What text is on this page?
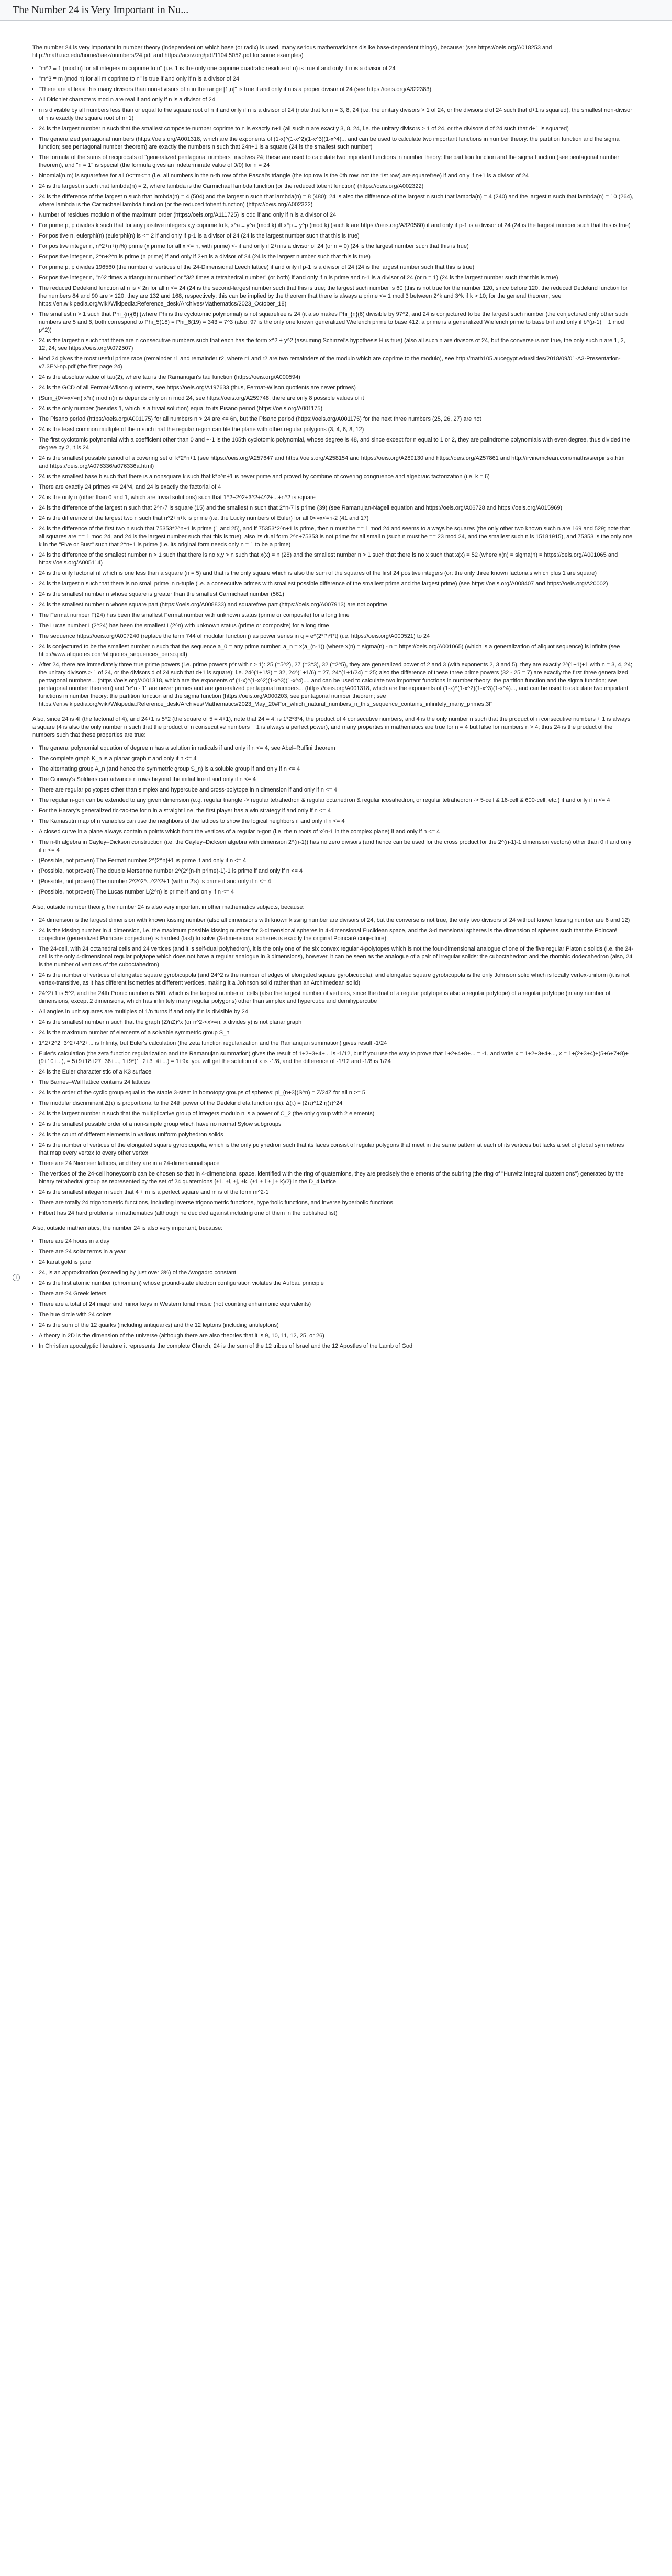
The Number 24 is Very Important in Nu...
i

The number 24 is very important in number theory (independent on which base (or radix) is used, many serious mathematicians dislike base-dependent things), because: (see https://oeis.org/A018253 and http://math.ucr.edu/home/baez/numbers/24.pdf and https://arxiv.org/pdf/1104.5052.pdf for some examples)

• "m^2 ≡ 1 (mod n) for all integers m coprime to n" (i.e. 1 is the only one coprime quadratic residue of n) is true if and only if n is a divisor of 24
• "m^3 ≡ m (mod n) for all m coprime to n" is true if and only if n is a divisor of 24
• "There are at least this many divisors than non-divisors of n in the range [1,n]" is true if and only if n is a proper divisor of 24 (see https://oeis.org/A322383)
• All Dirichlet characters mod n are real if and only if n is a divisor of 24
• n is divisible by all numbers less than or equal to the square root of n if and only if n is a divisor of 24 (note that for n = 3, 8, 24 (i.e. the unitary divisors > 1 of 24, or the divisors d of 24 such that d+1 is squared), the smallest non-divisor of n is exactly the square root of n+1)
• 24 is the largest number n such that the smallest composite number coprime to n is exactly n+1 (all such n are exactly 3, 8, 24, i.e. the unitary divisors > 1 of 24, or the divisors d of 24 such that d+1 is squared)
• The generalized pentagonal numbers (https://oeis.org/A001318, which are the exponents of (1-x)^(1-x^2)(1-x^3)(1-x^4)... and can be used to calculate two important functions in number theory: the partition function and the sigma function; see pentagonal number theorem) are exactly the numbers n such that 24n+1 is a square (24 is the smallest such number)
• The formula of the sums of reciprocals of "generalized pentagonal numbers" involves 24; these are used to calculate two important functions in number theory: the partition function and the sigma function (see pentagonal number theorem), and "n = 1" is special (the formula gives an indeterminate value of 0/0) for n = 24
• binomial(n,m) is squarefree for all 0<=m<=n (i.e. all numbers in the n-th row of the Pascal's triangle (the top row is the 0th row, not the 1st row) are squarefree) if and only if n+1 is a divisor of 24
• 24 is the largest n such that lambda(n) = 2, where lambda is the Carmichael lambda function (or the reduced totient function) (https://oeis.org/A002322)
• 24 is the difference of the largest n such that lambda(n) = 4 (504) and the largest n such that lambda(n) = 8 (480); 24 is also the difference of the largest n such that lambda(n) = 4 (240) and the largest n such that lambda(n) = 10 (264), where lambda is the Carmichael lambda function (or the reduced totient function) (https://oeis.org/A002322)
• Number of residues modulo n of the maximum order (https://oeis.org/A111725) is odd if and only if n is a divisor of 24
• For prime p, p divides k such that for any positive integers x,y coprime to k, x^a ≡ y^a (mod k) iff x^p ≡ y^p (mod k) (such k are https://oeis.org/A320580) if and only if p-1 is a divisor of 24 (24 is the largest number such that this is true)
• For positive n, eulerphi(n) (eulerphi(n) is <= 2 if and only if p-1 is a divisor of 24 (24 is the largest number such that this is true)
• For positive integer n, n^2+n+(n%) prime (x prime for all x <= n, with prime) <- if and only if 2+n is a divisor of 24 (or n = 0) (24 is the largest number such that this is true)
• For positive integer n, 2^n+2^n is prime (n prime) if and only if 2+n is a divisor of 24 (24 is the largest number such that this is true)
• For prime p, p divides 196560 (the number of vertices of the 24-Dimensional Leech lattice) if and only if p-1 is a divisor of 24 (24 is the largest number such that this is true)
• For positive integer n, "n^2 times a triangular number" or "3/2 times a tetrahedral number" (or both) if and only if n is prime and n-1 is a divisor of 24 (or n = 1) (24 is the largest number such that this is true)
• The reduced Dedekind function at n is < 2n for all n <= 24 (24 is the second-largest number such that this is true; the largest such number is 60 (this is not true for the number 120, since before 120, the reduced Dedekind function for the numbers 84 and 90 are > 120; they are 132 and 168, respectively; this can be implied by the theorem that there is always a prime <= 1 mod 3 between 2^k and 3^k if k > 10; for the general theorem, see https://en.wikipedia.org/wiki/Wikipedia:Reference_desk/Archives/Mathematics/2023_October_18)
• The smallest n > 1 such that Phi_{n}(6) (where Phi is the cyclotomic polynomial) is not squarefree is 24 (it also makes Phi_{n}(6) divisible by 97^2, and 24 is conjectured to be the largest such number (the conjectured only other such numbers are 5 and 6, both correspond to Phi_5(18) = Phi_6(19) = 343 = 7^3 (also, 97 is the only one known generalized Wieferich prime to base 412; a prime is a generalized Wieferich prime to base b if and only if b^(p-1) ≡ 1 mod p^2))
• 24 is the largest n such that there are n consecutive numbers such that each has the form x^2 + y^2 (assuming Schinzel's hypothesis H is true) (also all such n are divisors of 24, but the converse is not true, the only such n are 1, 2, 12, 24; see https://oeis.org/A072507)
• Mod 24 gives the most useful prime race (remainder r1 and remainder r2, where r1 and r2 are two remainders of the modulo which are coprime to the modulo), see http://math105.aucegypt.edu/slides/2018/09/01-A3-Presentation-v7.3EN-np.pdf (the first page 24)
• 24 is the absolute value of tau(2), where tau is the Ramanujan's tau function (https://oeis.org/A000594)
• 24 is the GCD of all Fermat-Wilson quotients, see https://oeis.org/A197633 (thus, Fermat-Wilson quotients are never primes)
• (Sum_{0<=x<=n} x^n) mod n(n is depends only on n mod 24, see https://oeis.org/A259748, there are only 8 possible values of it
• 24 is the only number (besides 1, which is a trivial solution) equal to its Pisano period (https://oeis.org/A001175)
• The Pisano period (https://oeis.org/A001175) for all numbers n > 24 are <= 6n, but the Pisano period (https://oeis.org/A001175) for the next three numbers (25, 26, 27) are not
• 24 is the least common multiple of the n such that the regular n-gon can tile the plane with other regular polygons (3, 4, 6, 8, 12)
• The first cyclotomic polynomial with a coefficient other than 0 and +-1 is the 105th cyclotomic polynomial, whose degree is 48, and since except for n equal to 1 or 2, they are palindrome polynomials with even degree, thus divided the degree by 2, it is 24
• 24 is the smallest possible period of a covering set of k*2^n+1 (see https://oeis.org/A257647 and https://oeis.org/A258154 and https://oeis.org/A289130 and https://oeis.org/A257861 and http://irvinemclean.com/maths/sierpinski.htm and https://oeis.org/A076336/a076336a.html)
• 24 is the smallest base b such that there is a nonsquare k such that k*b^n+1 is never prime and proved by combine of covering congruence and algebraic factorization (i.e. k = 6)
• There are exactly 24 primes <= 24^4, and 24 is exactly the factorial of 4
• 24 is the only n (other than 0 and 1, which are trivial solutions) such that 1^2+2^2+3^2+4^2+...+n^2 is square
• 24 is the difference of the largest n such that 2^n-7 is square (15) and the smallest n such that 2^n-7 is prime (39) (see Ramanujan-Nagell equation and https://oeis.org/A06728 and https://oeis.org/A015969)
• 24 is the difference of the largest two n such that n^2+n+k is prime (i.e. the Lucky numbers of Euler) for all 0<=x<=n-2 (41 and 17)
• 24 is the difference of the first two n such that 75353*2^n+1 is prime (1 and 25), and if 75353*2^n+1 is prime, then n must be == 1 mod 24 and seems to always be squares (the only other two known such n are 169 and 529; note that all squares are == 1 mod 24, and 24 is the largest number such that this is true), also its dual form 2^n+75353 is not prime for all small n (such n must be == 23 mod 24, and the smallest such n is 15181915), and 75353 is the only one k in the "Five or Bust" such that 2^n+1 is prime (i.e. its original form needs only n = 1 to be a prime)
• 24 is the difference of the smallest number n > 1 such that there is no x,y > n such that x(x) = n (28) and the smallest number n > 1 such that there is no x such that x(x) = 52 (where x(n) = sigma(n) = https://oeis.org/A001065 and https://oeis.org/A005114)
• 24 is the only factorial n! which is one less than a square (n = 5) and that is the only square which is also the sum of the squares of the first 24 positive integers (or: the only three known factorials which plus 1 are square)
• 24 is the largest n such that there is no small prime in n-tuple (i.e. a consecutive primes with smallest possible difference of the smallest prime and the largest prime) (see https://oeis.org/A008407 and https://oeis.org/A20002)
• 24 is the smallest number n whose square is greater than the smallest Carmichael number (561)
• 24 is the smallest number n whose square part (https://oeis.org/A008833) and squarefree part (https://oeis.org/A007913) are not coprime
• The Fermat number F(24) has been the smallest Fermat number with unknown status (prime or composite) for a long time
• The Lucas number L(2^24) has been the smallest L(2^n) with unknown status (prime or composite) for a long time
• The sequence https://oeis.org/A007240 (replace the term 744 of modular function j) as power series in q = e^(2*Pi*I*t) (i.e. https://oeis.org/A000521) to 24
• 24 is conjectured to be the smallest number n such that the sequence a_0 = any prime number, a_n = x(a_(n-1)) (where x(n) = sigma(n) - n = https://oeis.org/A001065) (which is a generalization of aliquot sequence) is infinite (see http://www.aliquotes.com/aliquotes_sequences_perso.pdf)
• After 24, there are immediately three true prime powers (i.e. prime powers p^r with r > 1): 25 (=5^2), 27 (=3^3), 32 (=2^5), they are generalized power of 2 and 3 (with exponents 2, 3 and 5), they are exactly 2^(1+1)+1 with n = 3, 4, 24; the unitary divisors > 1 of 24, or the divisors d of 24 such that d+1 is square); i.e. 24^(1+1/3) = 32, 24^(1+1/6) = 27, 24^(1+1/24) = 25; also the difference of these three prime powers (32 - 25 = 7) are exactly the first three generalized pentagonal numbers... (https://oeis.org/A001318, which are the exponents of (1-x)^(1-x^2)(1-x^3)(1-x^4)..., and can be used to calculate two important functions in number theory: the partition function and the sigma function; see pentagonal number theorem) and "e^n - 1" are never primes and are generalized pentagonal numbers... (https://oeis.org/A001318, which are the exponents of (1-x)^(1-x^2)(1-x^3)(1-x^4)..., and can be used to calculate two important functions in number theory: the partition function and the sigma function (https://oeis.org/A000203, see pentagonal number theorem; see https://en.wikipedia.org/wiki/Wikipedia:Reference_desk/Archives/Mathematics/2023_May_20#For_which_natural_numbers_n_this_sequence_contains_infinitely_many_primes.3F

Also, since 24 is 4! (the factorial of 4), and 24+1 is 5^2 (the square of 5 = 4+1), note that 24 = 4! is 1*2*3*4, the product of 4 consecutive numbers, and 4 is the only number n such that the product of n consecutive numbers + 1 is always a square (4 is also the only number n such that the product of n consecutive numbers + 1 is always a perfect power), and many properties in mathematics are true for n = 4 but false for numbers n > 4; thus 24 is the product of the numbers such that these properties are true:

• The general polynomial equation of degree n has a solution in radicals if and only if n <= 4, see Abel–Ruffini theorem
• The complete graph K_n is a planar graph if and only if n <= 4
• The alternating group A_n (and hence the symmetric group S_n) is a soluble group if and only if n <= 4
• The Conway's Soldiers can advance n rows beyond the initial line if and only if n <= 4
• There are regular polytopes other than simplex and hypercube and cross-polytope in n dimension if and only if n <= 4
• The regular n-gon can be extended to any given dimension (e.g. regular triangle -> regular tetrahedron & regular octahedron & regular icosahedron, or regular tetrahedron -> 5-cell & 16-cell & 600-cell, etc.) if and only if n <= 4
• For the Harary's generalized tic-tac-toe for n in a straight line, the first player has a win strategy if and only if n <= 4
• The Kamasutri map of n variables can use the neighbors of the lattices to show the logical neighbors if and only if n <= 4
• A closed curve in a plane always contain n points which from the vertices of a regular n-gon (i.e. the n roots of x^n-1 in the complex plane) if and only if n <= 4
• The n-th algebra in Cayley–Dickson construction (i.e. the Cayley–Dickson algebra with dimension 2^(n-1)) has no zero divisors (and hence can be used for the cross product for the 2^(n-1)-1 dimension vectors) other than 0 if and only if n <= 4
• (Possible, not proven) The Fermat number 2^(2^n)+1 is prime if and only if n <= 4
• (Possible, not proven) The double Mersenne number 2^(2^(n-th prime)-1)-1 is prime if and only if n <= 4
• (Possible, not proven) The number 2^2^2^...^2^2+1 (with n 2's) is prime if and only if n <= 4
• (Possible, not proven) The Lucas number L(2^n) is prime if and only if n <= 4

Also, outside number theory, the number 24 is also very important in other mathematics subjects, because:

• 24 dimension is the largest dimension with known kissing number (also all dimensions with known kissing number are divisors of 24, but the converse is not true, the only two divisors of 24 without known kissing number are 6 and 12)
• 24 is the kissing number in 4 dimension, i.e. the maximum possible kissing number for 3-dimensional spheres in 4-dimensional Euclidean space, and the 3-dimensional spheres is the dimension of spheres such that the Poincaré conjecture (generalized Poincaré conjecture) is hardest (last) to solve (3-dimensional spheres is exactly the original Poincaré conjecture)
• The 24-cell, with 24 octahedral cells and 24 vertices (and it is self-dual polyhedron), it is the only one of the six convex regular 4-polytopes which is not the four-dimensional analogue of one of the five regular Platonic solids (i.e. the 24-cell is the only 4-dimensional regular polytope which does not have a regular analogue in 3 dimensions), however, it can be seen as the analogue of a pair of irregular solids: the cuboctahedron and the rhombic dodecahedron (also, 24 is the number of vertices of the cuboctahedron)
• 24 is the number of vertices of elongated square gyrobicupola (and 24^2 is the number of edges of elongated square gyrobicupola), and elongated square gyrobicupola is the only Johnson solid which is locally vertex-uniform (it is not vertex-transitive, as it has different isometries at different vertices, making it a Johnson solid rather than an Archimedean solid)
• 24^2+1 is 5^2, and the 24th Pronic number is 600, which is the largest number of cells (also the largest number of vertices, since the dual of a regular polytope is also a regular polytope) of a regular polytope (in any number of dimensions, except 2 dimensions, which has infinitely many regular polygons) other than simplex and hypercube and demihypercube
• All angles in unit squares are multiples of 1/n turns if and only if n is divisible by 24
• 24 is the smallest number n such that the graph (Z/nZ)^x (or n^2-<x>=n, x divides y) is not planar graph
• 24 is the maximum number of elements of a solvable symmetric group S_n
• 1^2+2^2+3^2+4^2+... is Infinity, but Euler's calculation (the zeta function regularization and the Ramanujan summation) gives result -1/24
• Euler's calculation (the zeta function regularization and the Ramanujan summation) gives the result of 1+2+3+4+... is -1/12, but if you use the way to prove that 1+2+4+8+... = -1, and write x = 1+2+3+4+..., x = 1+(2+3+4)+(5+6+7+8)+(9+10+...), = 5+9+18+27+36+..., 1+9*(1+2+3+4+...) = 1+9x, you will get the solution of x is -1/8, and the difference of -1/12 and -1/8 is 1/24
• 24 is the Euler characteristic of a K3 surface
• The Barnes–Wall lattice contains 24 lattices
• 24 is the order of the cyclic group equal to the stable 3-stem in homotopy groups of spheres: pi_{n+3}(S^n) = Z/24Z for all n >= 5
• The modular discriminant Δ(τ) is proportional to the 24th power of the Dedekind eta function η(τ): Δ(τ) = (2π)^12 η(τ)^24
• 24 is the largest number n such that the multiplicative group of integers modulo n is a power of C_2 (the only group with 2 elements)
• 24 is the smallest possible order of a non-simple group which have no normal Sylow subgroups
• 24 is the count of different elements in various uniform polyhedron solids
• 24 is the number of vertices of the elongated square gyrobicupola, which is the only polyhedron such that its faces consist of regular polygons that meet in the same pattern at each of its vertices but lacks a set of global symmetries that map every vertex to every other vertex
• There are 24 Niemeier lattices, and they are in a 24-dimensional space
• The vertices of the 24-cell honeycomb can be chosen so that in 4-dimensional space, identified with the ring of quaternions, they are precisely the elements of the subring (the ring of "Hurwitz integral quaternions") generated by the binary tetrahedral group as represented by the set of 24 quaternions {±1, ±i, ±j, ±k, (±1 ± i ± j ± k)/2} in the D_4 lattice
• 24 is the smallest integer m such that 4 + m is a perfect square and m is of the form m^2-1
• There are totally 24 trigonometric functions, including inverse trigonometric functions, hyperbolic functions, and inverse hyperbolic functions
• Hilbert has 24 hard problems in mathematics (although he decided against including one of them in the published list)

Also, outside mathematics, the number 24 is also very important, because:

• There are 24 hours in a day
• There are 24 solar terms in a year
• 24 karat gold is pure
• 24, is an approximation (exceeding by just over 3%) of the Avogadro constant
• 24 is the first atomic number (chromium) whose ground-state electron configuration violates the Aufbau principle
• There are 24 Greek letters
• There are a total of 24 major and minor keys in Western tonal music (not counting enharmonic equivalents)
• The hue circle with 24 colors
• 24 is the sum of the 12 quarks (including antiquarks) and the 12 leptons (including antileptons)
• A theory in 2D is the dimension of the universe (although there are also theories that it is 9, 10, 11, 12, 25, or 26)
• In Christian apocalyptic literature it represents the complete Church, 24 is the sum of the 12 tribes of Israel and the 12 Apostles of the Lamb of God
